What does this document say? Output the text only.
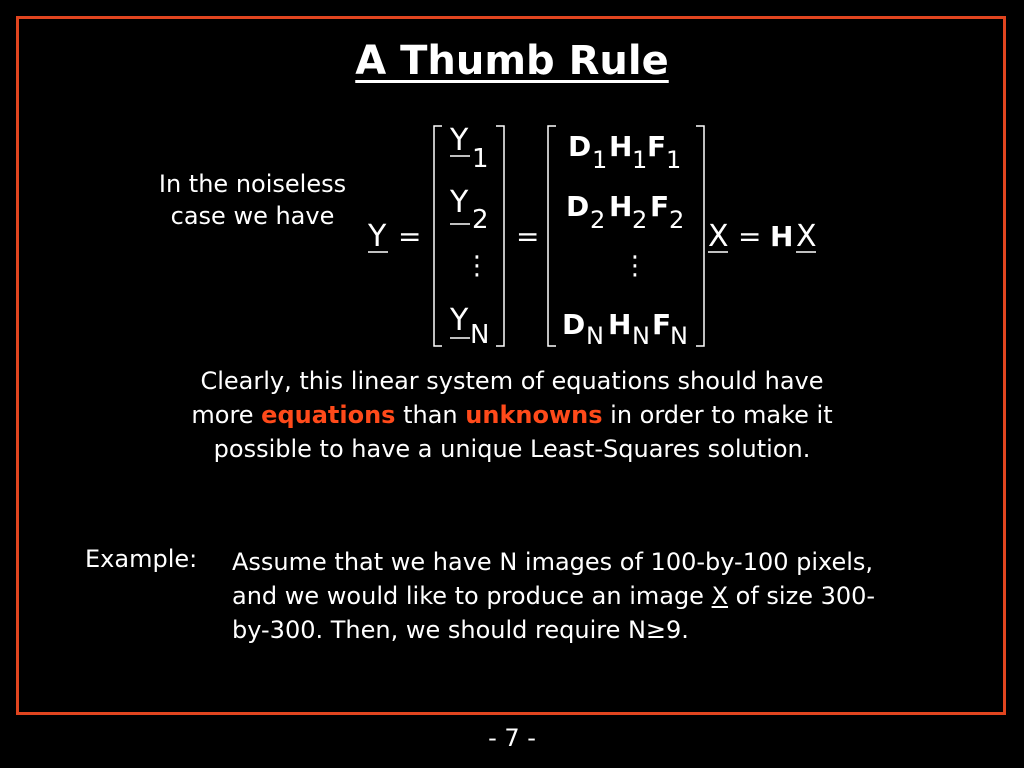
A Thumb Rule
In the noiseless
case we have
Y =
Y
1
Y 2
⋮
Y N
=
D 1 H 1 F 1
D 2 H 2 F 2
⋮
D N H N F
N
X = H X
Clearly, this linear system of equations should have
more equations than unknowns in order to make it
possible to have a unique Least-Squares solution.
Example: Assume that we have N images of 100-by-100 pixels,
and we would like to produce an image X of size 300-
by-300. Then, we should require N≥9.
- 7 -
